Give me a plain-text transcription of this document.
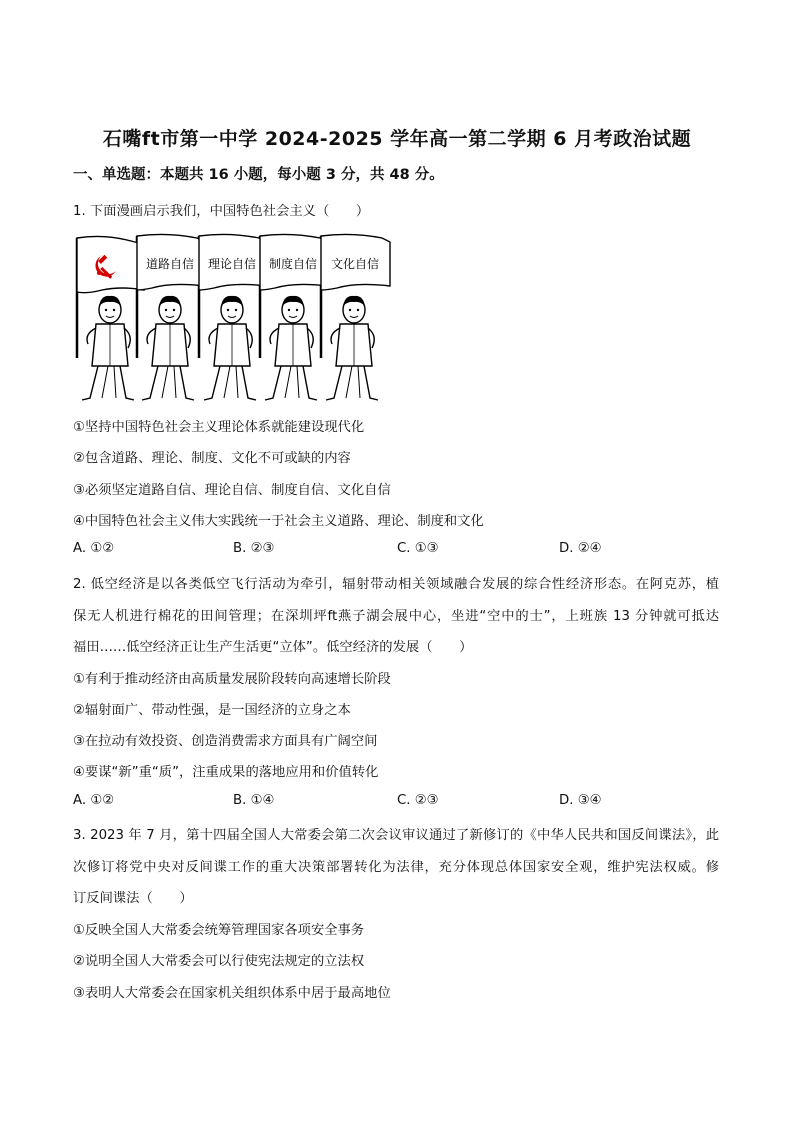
石嘴ft市第一中学 2024-2025 学年高一第二学期 6 月考政治试题

一、单选题：本题共 16 小题，每小题 3 分，共 48 分。

1. 下面漫画启示我们，中国特色社会主义（　　）

道路自信 理论自信 制度自信 文化自信

①坚持中国特色社会主义理论体系就能建设现代化

②包含道路、理论、制度、文化不可或缺的内容

③必须坚定道路自信、理论自信、制度自信、文化自信

④中国特色社会主义伟大实践统一于社会主义道路、理论、制度和文化

A. ①②	B. ②③	C. ①③	D. ②④

2. 低空经济是以各类低空飞行活动为牵引，辐射带动相关领域融合发展的综合性经济形态。在阿克苏，植

保无人机进行棉花的田间管理；在深圳坪ft燕子湖会展中心，坐进“空中的士”，上班族 13 分钟就可抵达

福田……低空经济正让生产生活更“立体”。低空经济的发展（　　）

①有利于推动经济由高质量发展阶段转向高速增长阶段

②辐射面广、带动性强，是一国经济的立身之本

③在拉动有效投资、创造消费需求方面具有广阔空间

④要谋“新”重“质”，注重成果的落地应用和价值转化

A. ①②	B. ①④	C. ②③	D. ③④

3. 2023 年 7 月，第十四届全国人大常委会第二次会议审议通过了新修订的《中华人民共和国反间谍法》，此

次修订将党中央对反间谍工作的重大决策部署转化为法律，充分体现总体国家安全观，维护宪法权威。修

订反间谍法（　　）

①反映全国人大常委会统筹管理国家各项安全事务

②说明全国人大常委会可以行使宪法规定的立法权

③表明人大常委会在国家机关组织体系中居于最高地位
